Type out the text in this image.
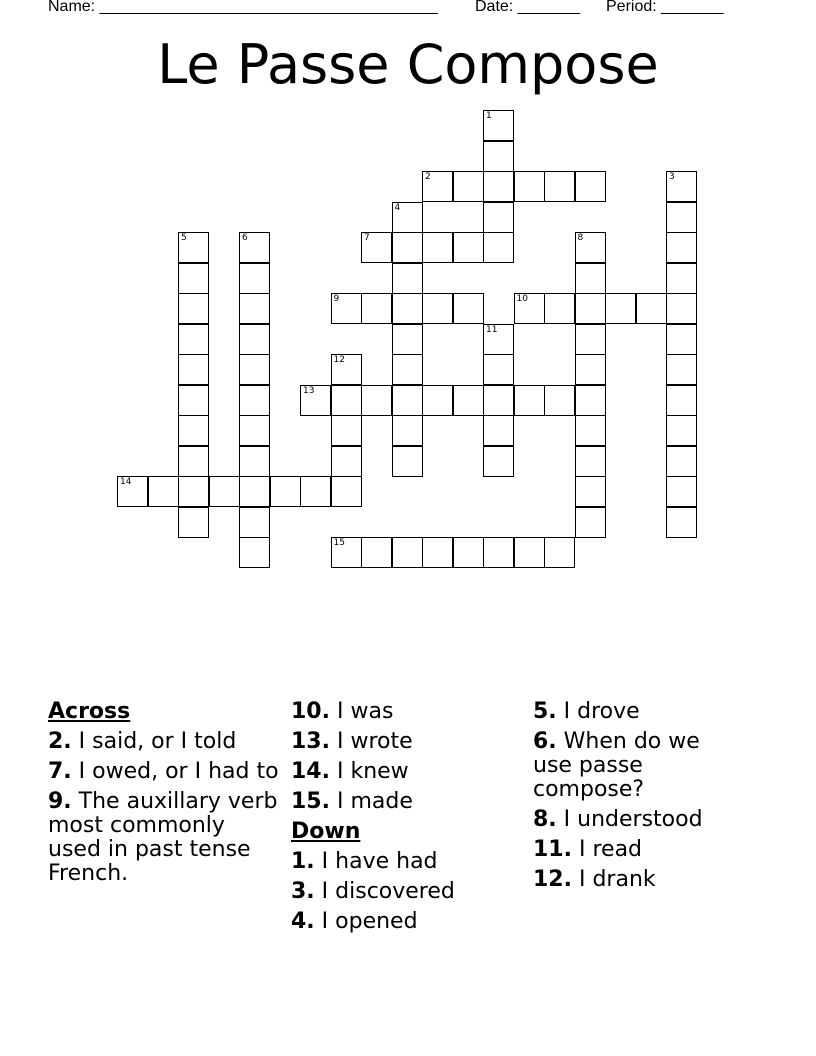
Name: ______________________________________ Date: _______ Period: _______
Le Passe Compose
1
2	3
4
5	6	7	8
9	10
11
12
15
13
14
Across
2. I said, or I told
7. I owed, or I had to
9. The auxillary verb most commonly used in past tense French.
10. I was
13. I wrote
14. I knew
15. I made
Down
1. I have had
3. I discovered
4. I opened
5. I drove
6. When do we use passe compose?
8. I understood
11. I read
12. I drank
